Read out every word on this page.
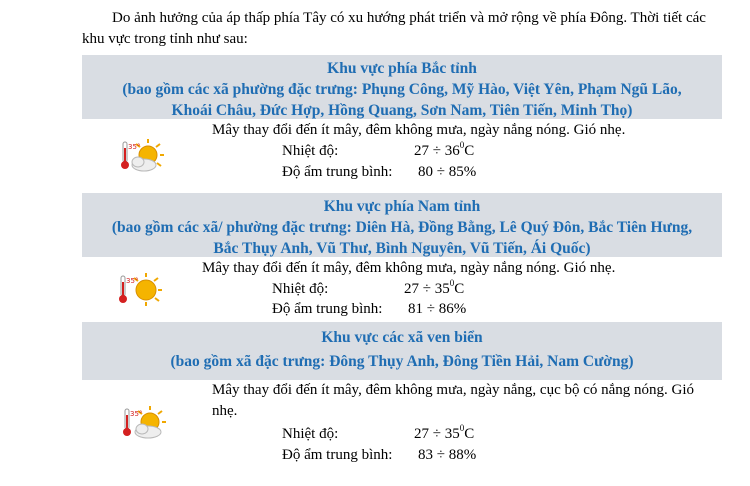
Do ảnh hưởng của áp thấp phía Tây có xu hướng phát triển và mở rộng về phía Đông. Thời tiết các khu vực trong tỉnh như sau:
Khu vực phía Bắc tỉnh
(bao gồm các xã phường đặc trưng: Phụng Công, Mỹ Hào, Việt Yên, Phạm Ngũ Lão,
Khoái Châu, Đức Hợp, Hồng Quang, Sơn Nam, Tiên Tiến, Minh Thọ)
35°
Mây thay đổi đến ít mây, đêm không mưa, ngày nắng nóng. Gió nhẹ.
Nhiệt độ:	$27 \div 36^0C$
Độ ẩm trung bình: 80 ÷ 85%
Khu vực phía Nam tỉnh
(bao gồm các xã/ phường đặc trưng: Diên Hà, Đồng Bằng, Lê Quý Đôn, Bắc Tiên Hưng,
Bắc Thụy Anh, Vũ Thư, Bình Nguyên, Vũ Tiến, Ái Quốc)
35°
Mây thay đổi đến ít mây, đêm không mưa, ngày nắng nóng. Gió nhẹ.
Nhiệt độ:	$27 \div 35^0C$
Độ ẩm trung bình: 81 ÷ 86%
Khu vực các xã ven biển
(bao gồm xã đặc trưng: Đông Thụy Anh, Đông Tiền Hải, Nam Cường)
35°
Mây thay đổi đến ít mây, đêm không mưa, ngày nắng, cục bộ có nắng nóng. Gió nhẹ.
Nhiệt độ:	$27 \div 35^0C$
Độ ẩm trung bình: 83 ÷ 88%
